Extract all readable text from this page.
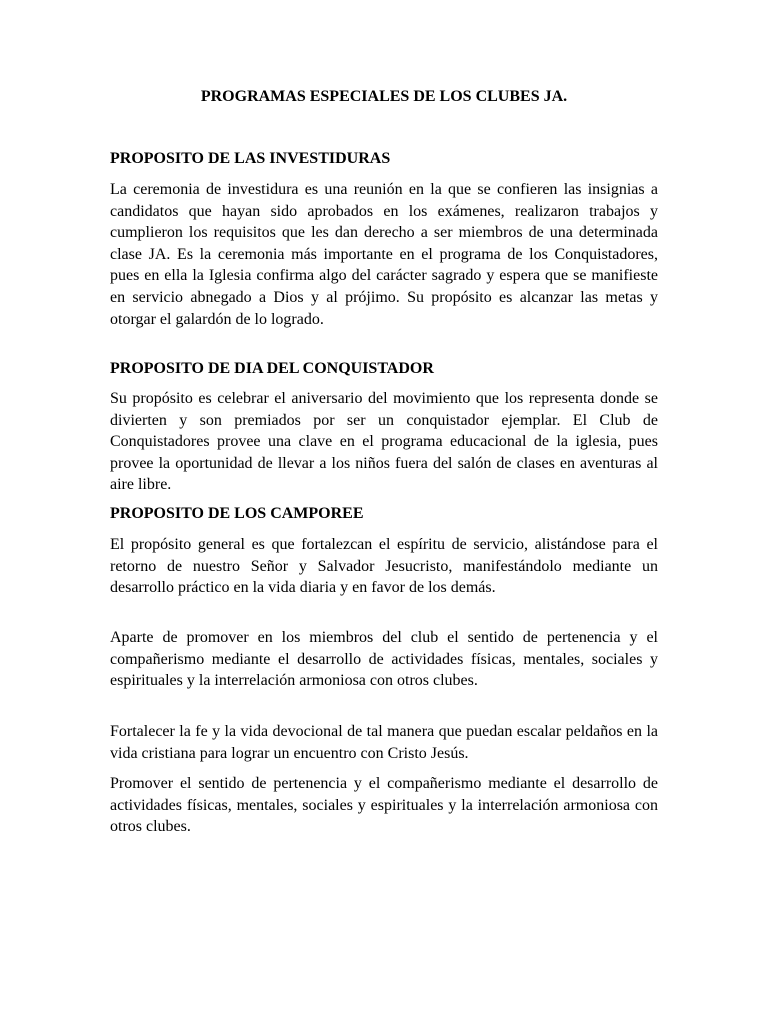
PROGRAMAS ESPECIALES DE LOS CLUBES JA.
PROPOSITO DE LAS INVESTIDURAS

La ceremonia de investidura es una reunión en la que se confieren las insignias a candidatos que hayan sido aprobados en los exámenes, realizaron trabajos y cumplieron los requisitos que les dan derecho a ser miembros de una determinada clase JA. Es la ceremonia más importante en el programa de los Conquistadores, pues en ella la Iglesia confirma algo del carácter sagrado y espera que se manifieste en servicio abnegado a Dios y al prójimo. Su propósito es alcanzar las metas y otorgar el galardón de lo logrado.

PROPOSITO DE DIA DEL CONQUISTADOR

Su propósito es celebrar el aniversario del movimiento que los representa donde se divierten y son premiados por ser un conquistador ejemplar. El Club de Conquistadores provee una clave en el programa educacional de la iglesia, pues provee la oportunidad de llevar a los niños fuera del salón de clases en aventuras al aire libre.

PROPOSITO DE LOS CAMPOREE

El propósito general es que fortalezcan el espíritu de servicio, alistándose para el retorno de nuestro Señor y Salvador Jesucristo, manifestándolo mediante un desarrollo práctico en la vida diaria y en favor de los demás.

Aparte de promover en los miembros del club el sentido de pertenencia y el compañerismo mediante el desarrollo de actividades físicas, mentales, sociales y espirituales y la interrelación armoniosa con otros clubes.

Fortalecer la fe y la vida devocional de tal manera que puedan escalar peldaños en la vida cristiana para lograr un encuentro con Cristo Jesús.

Promover el sentido de pertenencia y el compañerismo mediante el desarrollo de actividades físicas, mentales, sociales y espirituales y la interrelación armoniosa con otros clubes.
